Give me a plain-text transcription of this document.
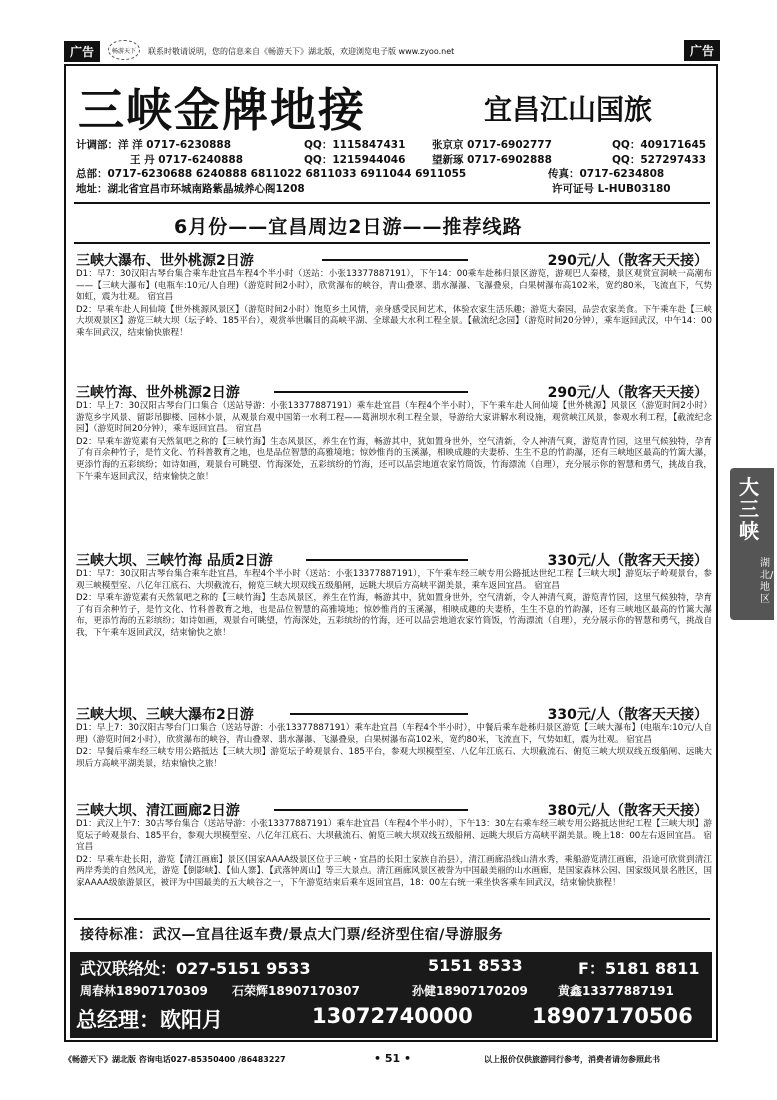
广告	畅游天下	联系时敬请说明，您的信息来自《畅游天下》湖北版，欢迎浏览电子版 www.zyoo.net	广告
三峡金牌地接	宜昌江山国旅
计调部：洋 洋 0717-6230888	QQ：1115847431	张京京 0717-6902777	QQ：409171645
王 丹 0717-6240888	QQ：1215944046	望新琢 0717-6902888	QQ：527297433
总部：0717-6230688 6240888 6811022 6811033 6911044 6911055	传真：0717-6234808
地址：湖北省宜昌市环城南路紫晶城养心阁1208	许可证号 L-HUB03180
6月份——宜昌周边2日游——推荐线路
三峡大瀑布、世外桃源2日游	290元/人（散客天天接）
D1：早7：30汉阳古琴台集合乘车赴宜昌车程4个半小时（送站：小张13377887191），下午14：00乘车赴秭归景区游览，游观巴人秦楼，景区观赏宣洞峡一高潮布——【三峡大瀑布】(电瓶车:10元/人自理)（游览时间2小时），欣赏瀑布的峡谷，青山叠翠、翡水瀑瀑、飞瀑叠泉，白果树瀑布高102米，宽约80米，飞流直下，气势如虹，震为壮观。 宿宜昌
D2：早乘车赴人间仙境【世外桃源风景区】（游览时间2小时）饱览乡土风情，亲身感受民间艺术，体验农家生活乐趣；游览大秦园，品尝农家美食。下午乘车赴【三峡大坝观景区】游览三峡大坝（坛子岭、185平台），观赏举世瞩目的高峡平湖、全球最大水利工程全景。【截流纪念园】（游览时间20分钟），乘车返回武汉，中午14：00乘车回武汉，结束愉快旅程！
三峡竹海、世外桃源2日游	290元/人（散客天天接）
D1：早上7：30汉阳古琴台门口集合（送站导游：小张13377887191）乘车赴宜昌（车程4个半小时），下午乘车赴人间仙境【世外桃源】风景区（游览时间2小时）游览乡宇风景、留影吊脚楼、园林小景，从观景台观中国第一水利工程——葛洲坝水利工程全景，导游给大家讲解水利设施，观赏峡江风景，参观水利工程，【截流纪念园】（游览时间20分钟），乘车返回宜昌。 宿宜昌
D2：早乘车游览素有天然氧吧之称的【三峡竹海】生态风景区，养生在竹海，畅游其中，犹如置身世外，空气清新，令人神清气爽，游览青竹园，这里气候独特，孕育了有百余种竹子，是竹文化、竹科普教育之地，也是品位智慧的高雅境地；惊妙惟肖的玉溪瀑，相映成趣的夫妻桥、生生不息的竹韵瀑，还有三峡地区最高的竹篱大瀑，更添竹海的五彩缤纷；如诗如画，观景台可眺望、竹海深处，五彩缤纷的竹海，还可以品尝地道农家竹筒饭，竹海漂流（自理），充分展示你的智慧和勇气，挑战自我，下午乘车返回武汉，结束愉快之旅！
三峡大坝、三峡竹海 品质2日游	330元/人（散客天天接）
D1：早7：30汉阳古琴台集合乘车赴宜昌，车程4个半小时（送站：小张13377887191），下午乘车经三峡专用公路抵达世纪工程【三峡大坝】游览坛子岭观景台，参观三峡模型室、八亿年江底石、大坝截流石，俯览三峡大坝双线五级船闸，远眺大坝后方高峡平湖美景，乘车返回宜昌。 宿宜昌
D2：早乘车游览素有天然氧吧之称的【三峡竹海】生态风景区，养生在竹海，畅游其中，犹如置身世外，空气清新，令人神清气爽，游览青竹园，这里气候独特，孕育了有百余种竹子，是竹文化、竹科普教育之地，也是品位智慧的高雅境地；惊妙惟肖的玉溪瀑，相映成趣的夫妻桥，生生不息的竹韵瀑，还有三峡地区最高的竹篱大瀑布，更添竹海的五彩缤纷；如诗如画，观景台可眺望，竹海深处，五彩缤纷的竹海，还可以品尝地道农家竹筒饭，竹海漂流（自理），充分展示你的智慧和勇气，挑战自我，下午乘车返回武汉，结束愉快之旅！
三峡大坝、三峡大瀑布2日游	330元/人（散客天天接）
D1：早上7：30汉阳古琴台门口集合（送站导游：小张13377887191）乘车赴宜昌（车程4个半小时），中餐后乘车赴秭归景区游览【三峡大瀑布】(电瓶车:10元/人自理)（游览时间2小时），欣赏瀑布的峡谷，青山叠翠、翡水瀑瀑、飞瀑叠泉，白果树瀑布高102米，宽约80米，飞流直下，气势如虹，震为壮观。 宿宜昌
D2：早餐后乘车经三峡专用公路抵达【三峡大坝】游览坛子岭观景台、185平台，参观大坝模型室、八亿年江底石、大坝截流石、俯览三峡大坝双线五级船闸、远眺大坝后方高峡平湖美景，结束愉快之旅！
三峡大坝、清江画廊2日游	380元/人（散客天天接）
D1：武汉上午7：30古琴台集合（送站导游：小张13377887191）乘车赴宜昌（车程4个半小时），下午13：30左右乘车经三峡专用公路抵达世纪工程【三峡大坝】游览坛子岭观景台、185平台，参观大坝模型室、八亿年江底石、大坝截流石、俯览三峡大坝双线五级船闸、远眺大坝后方高峡平湖美景。晚上18：00左右返回宜昌。 宿宜昌
D2：早乘车赴长阳，游览【清江画廊】景区(国家AAAA级景区位于三峡・宜昌的长阳土家族自治县），清江画廊沿线山清水秀，乘船游览清江画廊，沿途可欣赏到清江两岸秀美的自然风光，游览【倒影峡】、【仙人寨】、【武落钟离山】等三大景点。清江画廊风景区被誉为中国最美丽的山水画廊，是国家森林公园、国家级风景名胜区，国家AAAA级旅游景区，被评为中国最美的五大峡谷之一，下午游览结束后乘车返回宜昌，18：00左右统一乘坐快客乘车回武汉，结束愉快旅程！
接待标准：武汉—宜昌往返车费/景点大门票/经济型住宿/导游服务
武汉联络处：027-5151 9533	5151 8533	F：5181 8811
周春林18907170309 石荣辉18907170307	孙健18907170209	黄鑫13377887191
总经理：欧阳月	13072740000	18907170506
《畅游天下》湖北版 咨询电话027-85350400 /86483227	• 51 •	以上报价仅供旅游同行参考，消费者请勿参照此书
大三峡
湖北/地区
